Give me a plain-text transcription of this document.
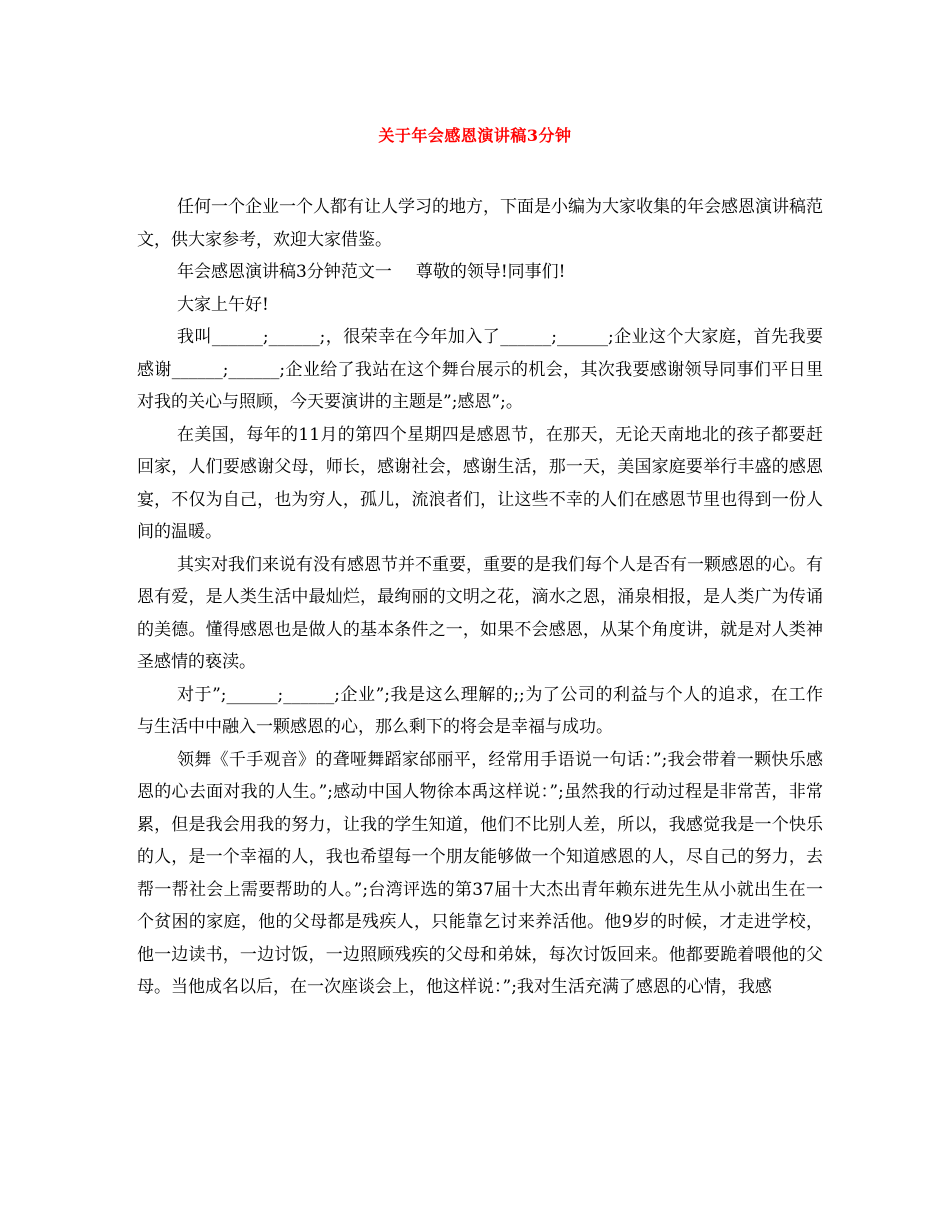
关于年会感恩演讲稿3分钟

任何一个企业一个人都有让人学习的地方，下面是小编为大家收集的年会感恩演讲稿范文，供大家参考，欢迎大家借鉴。

年会感恩演讲稿3分钟范文一 尊敬的领导!同事们!

大家上午好!

我叫______;______;，很荣幸在今年加入了______;______;企业这个大家庭，首先我要感谢______;______;企业给了我站在这个舞台展示的机会，其次我要感谢领导同事们平日里对我的关心与照顾，今天要演讲的主题是”;感恩”;。

在美国，每年的11月的第四个星期四是感恩节，在那天，无论天南地北的孩子都要赶回家，人们要感谢父母，师长，感谢社会，感谢生活，那一天，美国家庭要举行丰盛的感恩宴，不仅为自己，也为穷人，孤儿，流浪者们，让这些不幸的人们在感恩节里也得到一份人间的温暖。

其实对我们来说有没有感恩节并不重要，重要的是我们每个人是否有一颗感恩的心。有恩有爱，是人类生活中最灿烂，最绚丽的文明之花，滴水之恩，涌泉相报，是人类广为传诵的美德。懂得感恩也是做人的基本条件之一，如果不会感恩，从某个角度讲，就是对人类神圣感情的亵渎。

对于”;______;______;企业”;我是这么理解的;;为了公司的利益与个人的追求，在工作与生活中中融入一颗感恩的心，那么剩下的将会是幸福与成功。

领舞《千手观音》的聋哑舞蹈家邰丽平，经常用手语说一句话：”;我会带着一颗快乐感恩的心去面对我的人生。”;感动中国人物徐本禹这样说：”;虽然我的行动过程是非常苦，非常累，但是我会用我的努力，让我的学生知道，他们不比别人差，所以，我感觉我是一个快乐的人，是一个幸福的人，我也希望每一个朋友能够做一个知道感恩的人，尽自己的努力，去帮一帮社会上需要帮助的人。”;台湾评选的第37届十大杰出青年赖东进先生从小就出生在一个贫困的家庭，他的父母都是残疾人，只能靠乞讨来养活他。他9岁的时候，才走进学校，他一边读书，一边讨饭，一边照顾残疾的父母和弟妹，每次讨饭回来。他都要跪着喂他的父母。当他成名以后，在一次座谈会上，他这样说：”;我对生活充满了感恩的心情，我感
